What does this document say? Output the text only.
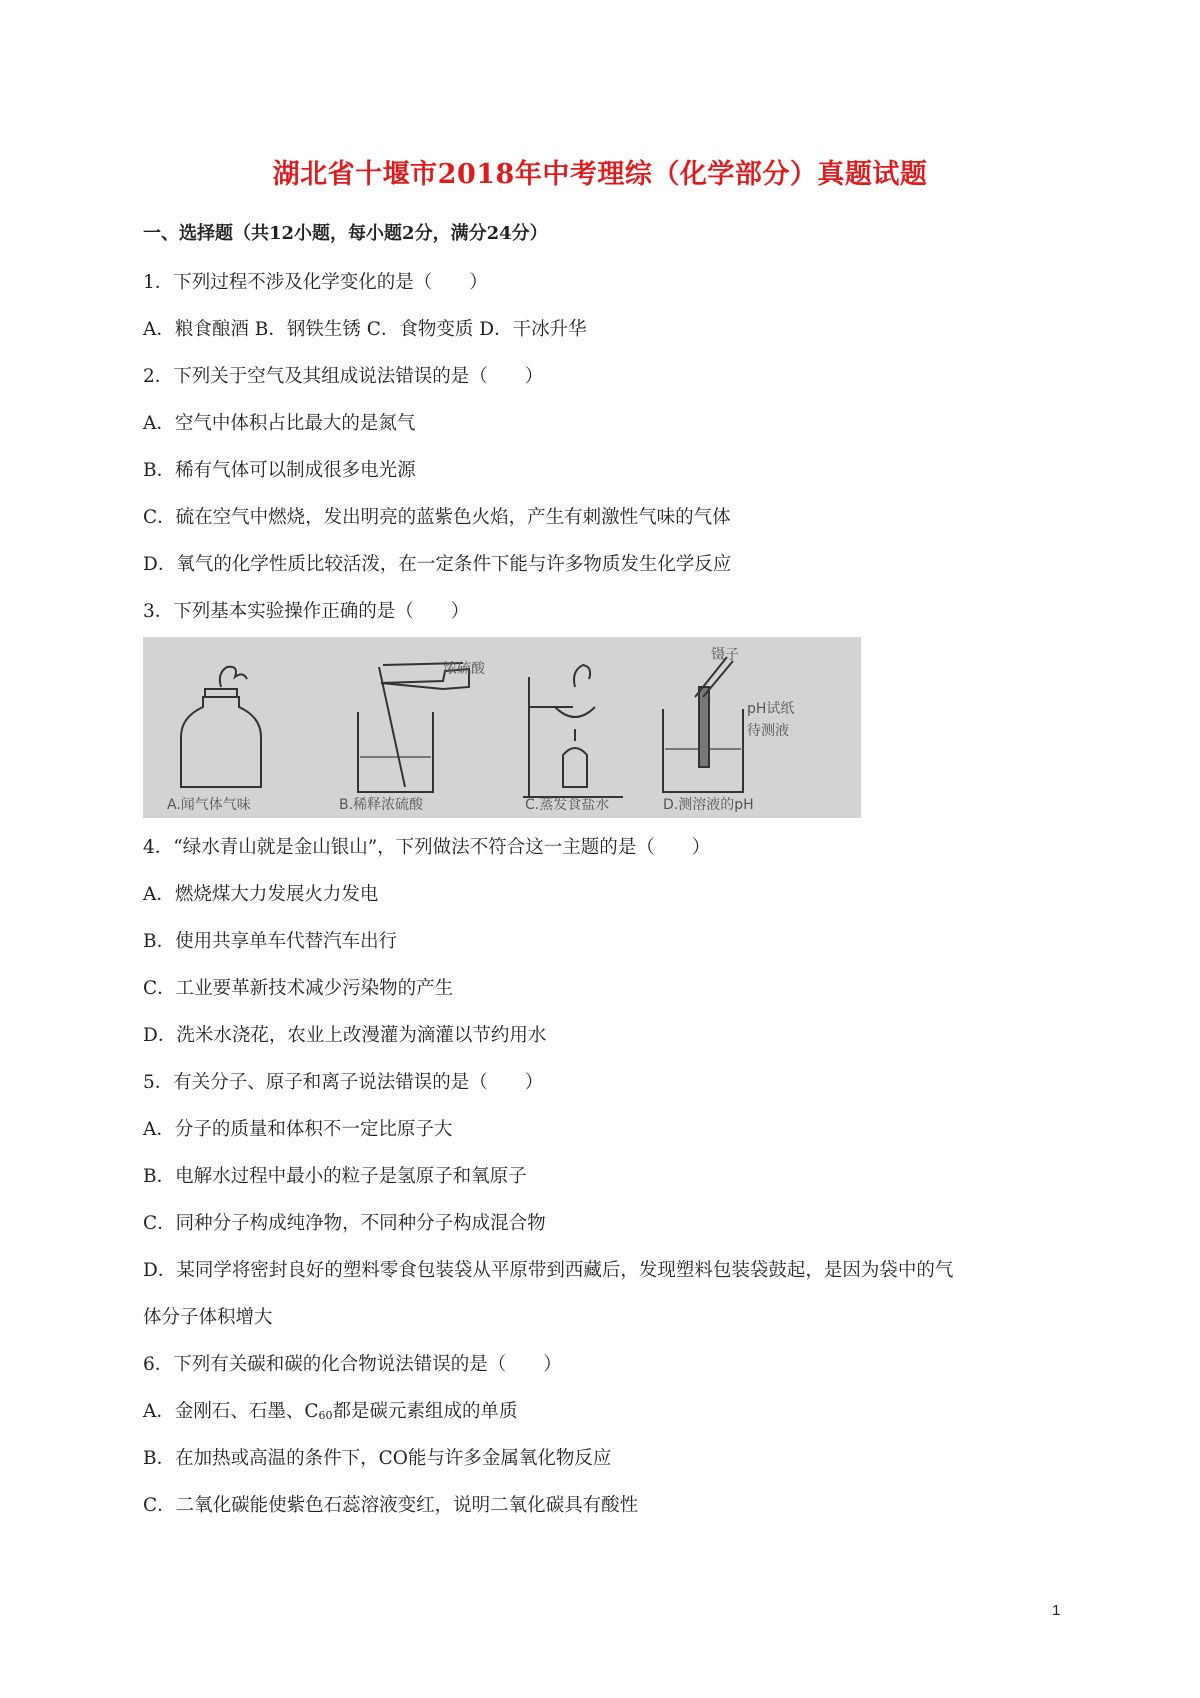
湖北省十堰市2018年中考理综（化学部分）真题试题
一、选择题（共12小题，每小题2分，满分24分）
1．下列过程不涉及化学变化的是（　　）
A．粮食酿酒 B．钢铁生锈 C．食物变质 D．干冰升华
2．下列关于空气及其组成说法错误的是（　　）
A．空气中体积占比最大的是氮气
B．稀有气体可以制成很多电光源
C．硫在空气中燃烧，发出明亮的蓝紫色火焰，产生有刺激性气味的气体
D．氧气的化学性质比较活泼，在一定条件下能与许多物质发生化学反应
3．下列基本实验操作正确的是（　　）
浓硫酸
镊子
pH试纸
待测液
A.闻气体气味	B.稀释浓硫酸	C.蒸发食盐水	D.测溶液的pH
4．“绿水青山就是金山银山”，下列做法不符合这一主题的是（　　）
A．燃烧煤大力发展火力发电
B．使用共享单车代替汽车出行
C．工业要革新技术减少污染物的产生
D．洗米水浇花，农业上改漫灌为滴灌以节约用水
5．有关分子、原子和离子说法错误的是（　　）
A．分子的质量和体积不一定比原子大
B．电解水过程中最小的粒子是氢原子和氧原子
C．同种分子构成纯净物，不同种分子构成混合物
D．某同学将密封良好的塑料零食包装袋从平原带到西藏后，发现塑料包装袋鼓起，是因为袋中的气
体分子体积增大
6．下列有关碳和碳的化合物说法错误的是（　　）
A．金刚石、石墨、$C_{60}$都是碳元素组成的单质
B．在加热或高温的条件下，CO能与许多金属氧化物反应
C．二氧化碳能使紫色石蕊溶液变红，说明二氧化碳具有酸性
1
